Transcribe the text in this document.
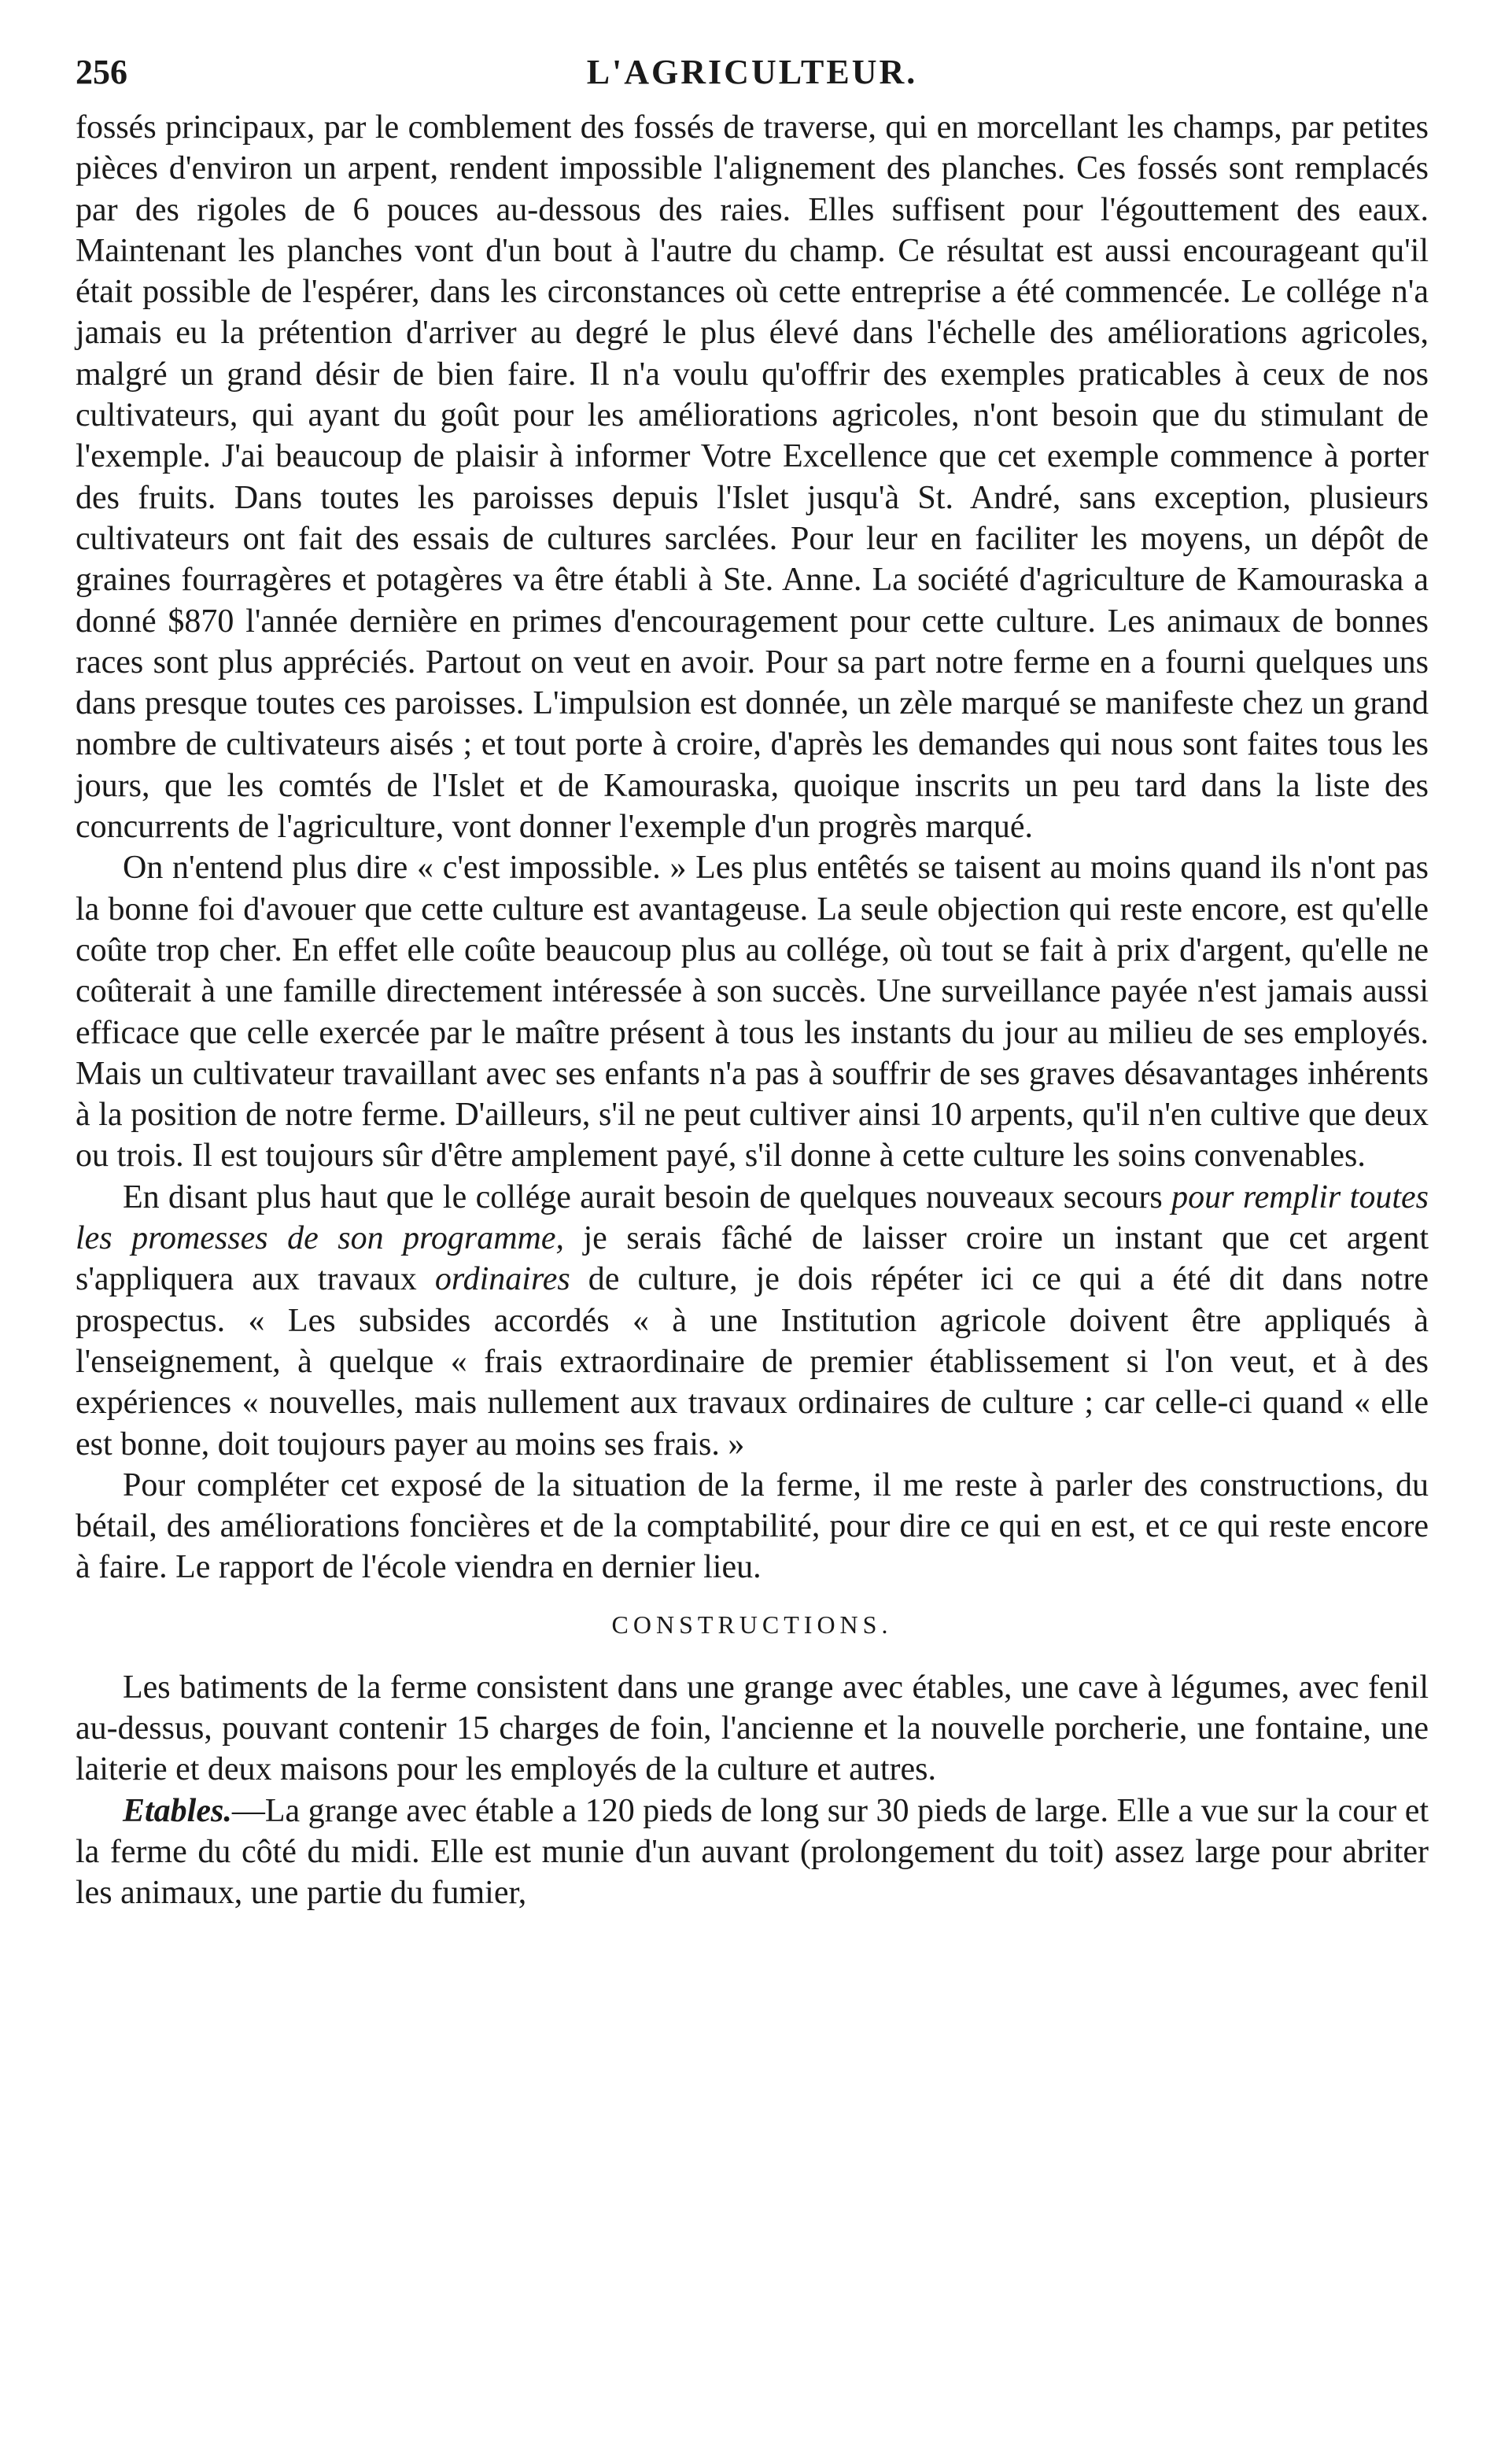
256	L'AGRICULTEUR.

fossés principaux, par le comblement des fossés de traverse, qui en morcellant les champs, par petites pièces d'environ un arpent, rendent impossible l'alignement des planches. Ces fossés sont remplacés par des rigoles de 6 pouces au-dessous des raies. Elles suffisent pour l'égouttement des eaux. Maintenant les planches vont d'un bout à l'autre du champ. Ce résultat est aussi encourageant qu'il était possible de l'espérer, dans les circonstances où cette entreprise a été commencée. Le collége n'a jamais eu la prétention d'arriver au degré le plus élevé dans l'échelle des améliorations agricoles, malgré un grand désir de bien faire. Il n'a voulu qu'offrir des exemples praticables à ceux de nos cultivateurs, qui ayant du goût pour les améliorations agricoles, n'ont besoin que du stimulant de l'exemple. J'ai beaucoup de plaisir à informer Votre Excellence que cet exemple commence à porter des fruits. Dans toutes les paroisses depuis l'Islet jusqu'à St. André, sans exception, plusieurs cultivateurs ont fait des essais de cultures sarclées. Pour leur en faciliter les moyens, un dépôt de graines fourragères et potagères va être établi à Ste. Anne. La société d'agriculture de Kamouraska a donné $870 l'année dernière en primes d'encouragement pour cette culture. Les animaux de bonnes races sont plus appréciés. Partout on veut en avoir. Pour sa part notre ferme en a fourni quelques uns dans presque toutes ces paroisses. L'impulsion est donnée, un zèle marqué se manifeste chez un grand nombre de cultivateurs aisés ; et tout porte à croire, d'après les demandes qui nous sont faites tous les jours, que les comtés de l'Islet et de Kamouraska, quoique inscrits un peu tard dans la liste des concurrents de l'agriculture, vont donner l'exemple d'un progrès marqué.

On n'entend plus dire « c'est impossible. » Les plus entêtés se taisent au moins quand ils n'ont pas la bonne foi d'avouer que cette culture est avantageuse. La seule objection qui reste encore, est qu'elle coûte trop cher. En effet elle coûte beaucoup plus au collége, où tout se fait à prix d'argent, qu'elle ne coûterait à une famille directement intéressée à son succès. Une surveillance payée n'est jamais aussi efficace que celle exercée par le maître présent à tous les instants du jour au milieu de ses employés. Mais un cultivateur travaillant avec ses enfants n'a pas à souffrir de ses graves désavantages inhérents à la position de notre ferme. D'ailleurs, s'il ne peut cultiver ainsi 10 arpents, qu'il n'en cultive que deux ou trois. Il est toujours sûr d'être amplement payé, s'il donne à cette culture les soins convenables.

En disant plus haut que le collége aurait besoin de quelques nouveaux secours pour remplir toutes les promesses de son programme, je serais fâché de laisser croire un instant que cet argent s'appliquera aux travaux ordinaires de culture, je dois répéter ici ce qui a été dit dans notre prospectus. « Les subsides accordés « à une Institution agricole doivent être appliqués à l'enseignement, à quelque « frais extraordinaire de premier établissement si l'on veut, et à des expériences « nouvelles, mais nullement aux travaux ordinaires de culture ; car celle-ci quand « elle est bonne, doit toujours payer au moins ses frais. »

Pour compléter cet exposé de la situation de la ferme, il me reste à parler des constructions, du bétail, des améliorations foncières et de la comptabilité, pour dire ce qui en est, et ce qui reste encore à faire. Le rapport de l'école viendra en dernier lieu.

CONSTRUCTIONS.

Les batiments de la ferme consistent dans une grange avec étables, une cave à légumes, avec fenil au-dessus, pouvant contenir 15 charges de foin, l'ancienne et la nouvelle porcherie, une fontaine, une laiterie et deux maisons pour les employés de la culture et autres.

Etables.—La grange avec étable a 120 pieds de long sur 30 pieds de large. Elle a vue sur la cour et la ferme du côté du midi. Elle est munie d'un auvant (prolongement du toit) assez large pour abriter les animaux, une partie du fumier,
